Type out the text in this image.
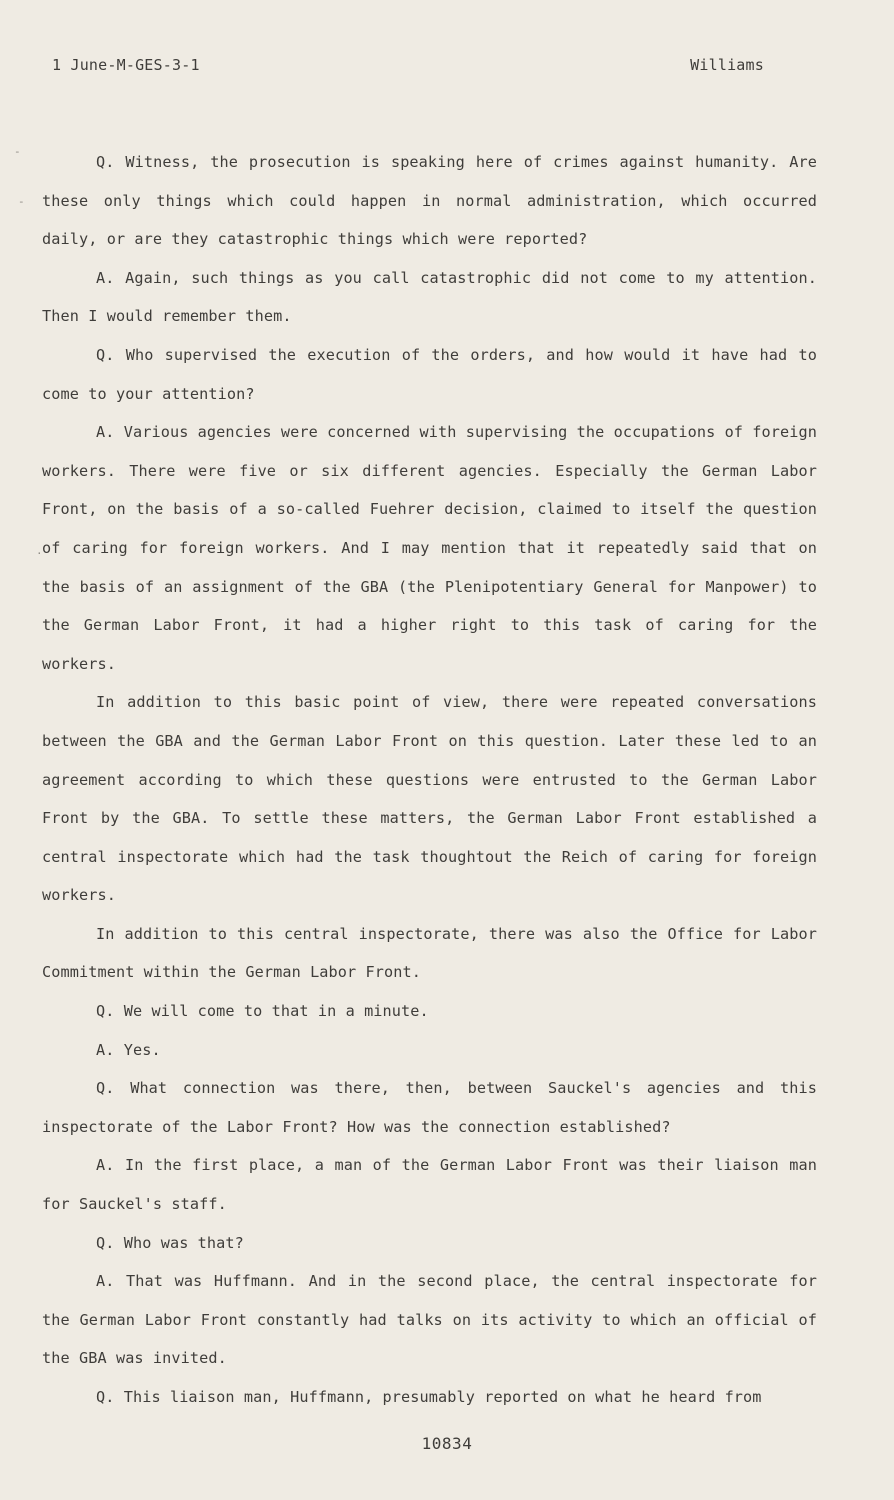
1 June-M-GES-3-1	Williams
-
-
.

Q. Witness, the prosecution is speaking here of crimes against humanity. Are these only things which could happen in normal administration, which occurred daily, or are they catastrophic things which were reported?

A. Again, such things as you call catastrophic did not come to my attention. Then I would remember them.

Q. Who supervised the execution of the orders, and how would it have had to come to your attention?

A. Various agencies were concerned with supervising the occupations of foreign workers. There were five or six different agencies. Especially the German Labor Front, on the basis of a so-called Fuehrer decision, claimed to itself the question of caring for foreign workers. And I may mention that it repeatedly said that on the basis of an assignment of the GBA (the Plenipotentiary General for Manpower) to the German Labor Front, it had a higher right to this task of caring for the workers.

In addition to this basic point of view, there were repeated conversations between the GBA and the German Labor Front on this question. Later these led to an agreement according to which these questions were entrusted to the German Labor Front by the GBA. To settle these matters, the German Labor Front established a central inspectorate which had the task thoughtout the Reich of caring for foreign workers.

In addition to this central inspectorate, there was also the Office for Labor Commitment within the German Labor Front.

Q. We will come to that in a minute.

A. Yes.

Q. What connection was there, then, between Sauckel's agencies and this inspectorate of the Labor Front? How was the connection established?

A. In the first place, a man of the German Labor Front was their liaison man for Sauckel's staff.

Q. Who was that?

A. That was Huffmann. And in the second place, the central inspectorate for the German Labor Front constantly had talks on its activity to which an official of the GBA was invited.

Q. This liaison man, Huffmann, presumably reported on what he heard from

10834
